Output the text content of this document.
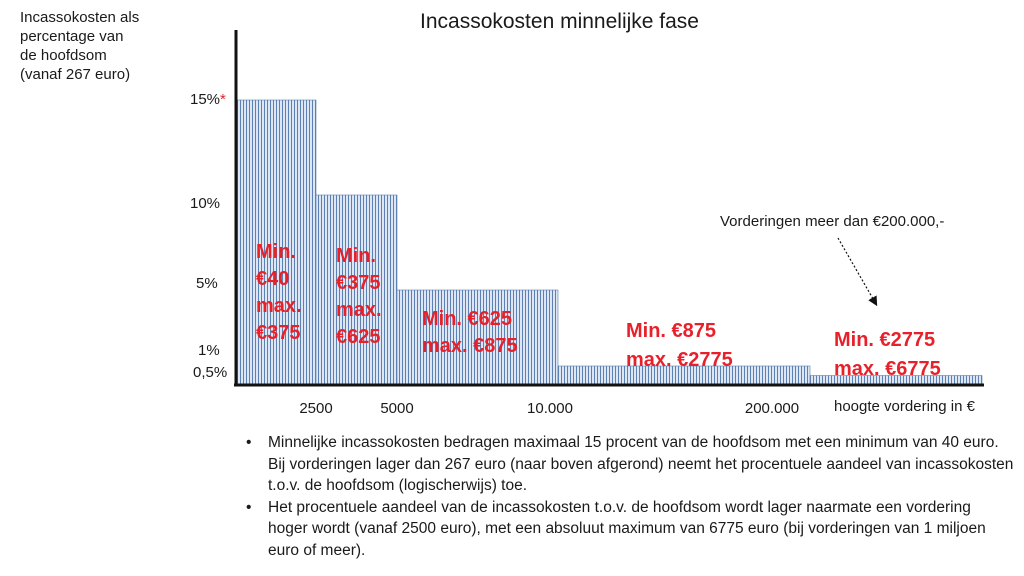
Incassokosten als
percentage van
de hoofdsom
(vanaf 267 euro)
Incassokosten minnelijke fase
Min. €40 max. €375
Min. €375 max. €625
Min. €625 max. €875
Min. €875 max. €2775
Min. €2775 max. €6775
15%*
10%
5%
1%
0,5%
2500	5000	10.000	200.000 hoogte vordering in €
Vorderingen meer dan €200.000,-
• Minnelijke incassokosten bedragen maximaal 15 procent van de hoofdsom met een minimum van 40 euro. Bij vorderingen lager dan 267 euro (naar boven afgerond) neemt het procentuele aandeel van incassokosten t.o.v. de hoofdsom (logischerwijs) toe.
• Het procentuele aandeel van de incassokosten t.o.v. de hoofdsom wordt lager naarmate een vordering hoger wordt (vanaf 2500 euro), met een absoluut maximum van 6775 euro (bij vorderingen van 1 miljoen euro of meer).
